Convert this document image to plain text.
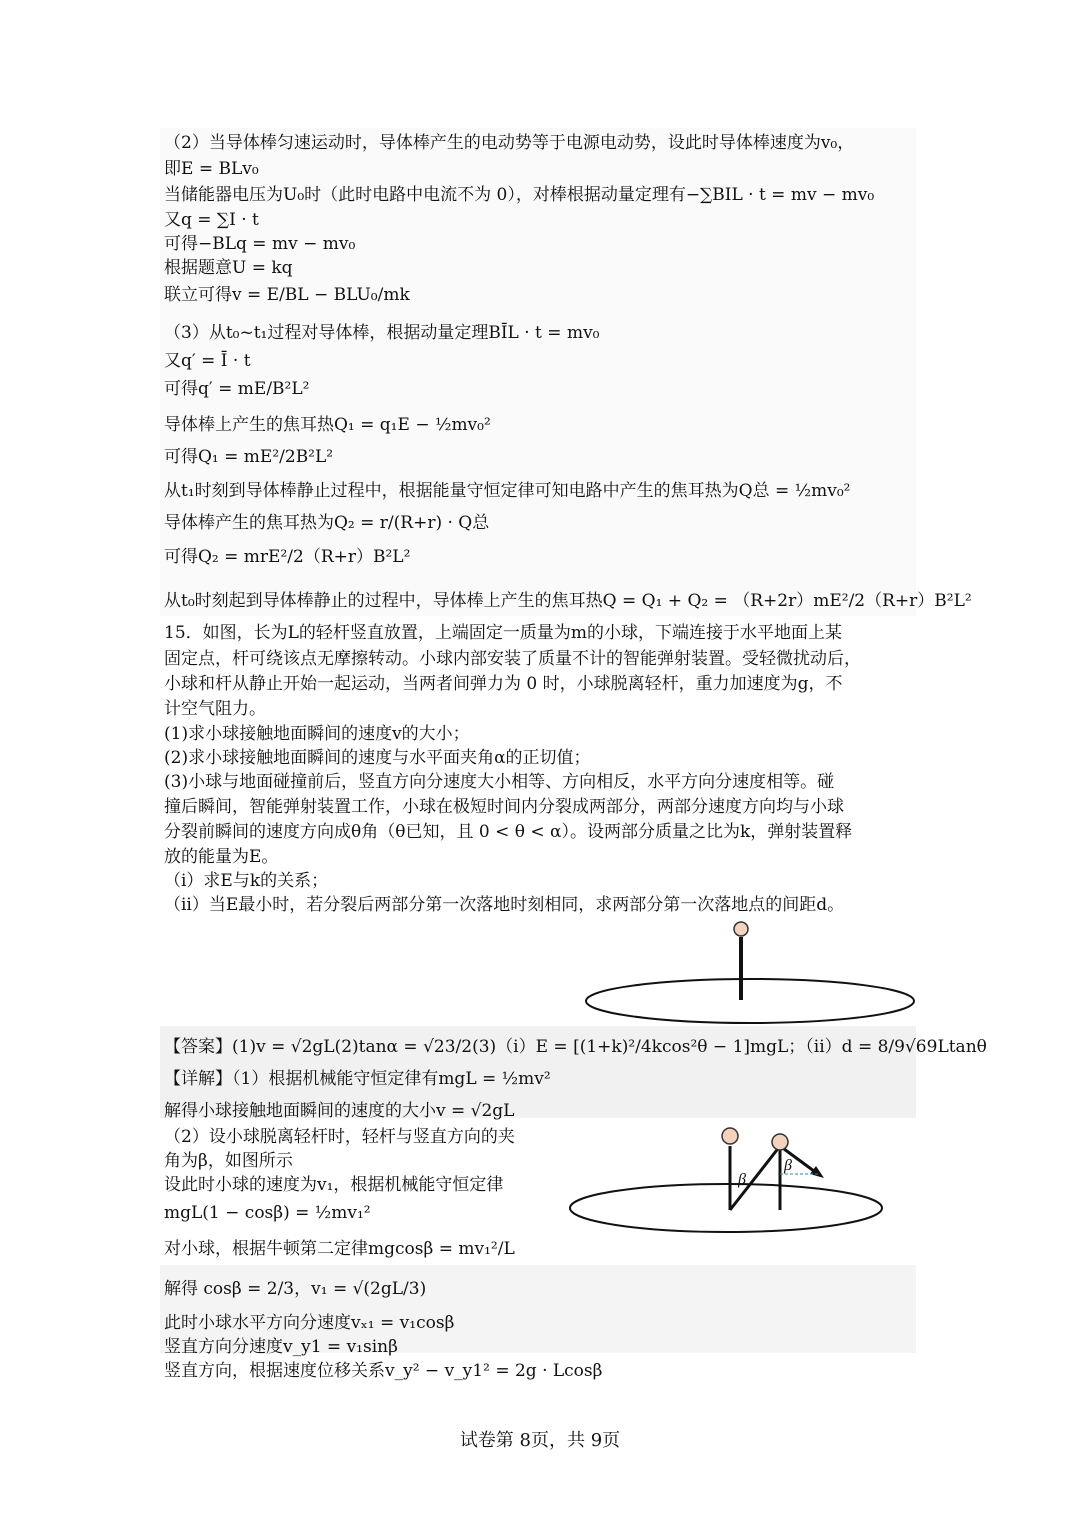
（2）当导体棒匀速运动时，导体棒产生的电动势等于电源电动势，设此时导体棒速度为v₀，
即E = BLv₀
当储能器电压为U₀时（此时电路中电流不为 0），对棒根据动量定理有−∑BIL · t = mv − mv₀
又q = ∑I · t
可得−BLq = mv − mv₀
根据题意U = kq
联立可得v = E/BL − BLU₀/mk
（3）从t₀~t₁过程对导体棒，根据动量定理BĪL · t = mv₀
又q′ = Ī · t
可得q′ = mE/B²L²
导体棒上产生的焦耳热Q₁ = q₁E − ½mv₀²
可得Q₁ = mE²/2B²L²
从t₁时刻到导体棒静止过程中，根据能量守恒定律可知电路中产生的焦耳热为Q总 = ½mv₀²
导体棒产生的焦耳热为Q₂ = r/(R+r) · Q总
可得Q₂ = mrE²/2（R+r）B²L²
从t₀时刻起到导体棒静止的过程中，导体棒上产生的焦耳热Q = Q₁ + Q₂ = （R+2r）mE²/2（R+r）B²L²
15．如图，长为L的轻杆竖直放置，上端固定一质量为m的小球，下端连接于水平地面上某
固定点，杆可绕该点无摩擦转动。小球内部安装了质量不计的智能弹射装置。受轻微扰动后，
小球和杆从静止开始一起运动，当两者间弹力为 0 时，小球脱离轻杆，重力加速度为g，不
计空气阻力。
(1)求小球接触地面瞬间的速度v的大小；
(2)求小球接触地面瞬间的速度与水平面夹角α的正切值；
(3)小球与地面碰撞前后，竖直方向分速度大小相等、方向相反，水平方向分速度相等。碰
撞后瞬间，智能弹射装置工作，小球在极短时间内分裂成两部分，两部分速度方向均与小球
分裂前瞬间的速度方向成θ角（θ已知，且 0 < θ < α）。设两部分质量之比为k，弹射装置释
放的能量为E。
（i）求E与k的关系；
（ii）当E最小时，若分裂后两部分第一次落地时刻相同，求两部分第一次落地点的间距d。
【答案】(1)v = √2gL(2)tanα = √23/2(3)（i）E = [(1+k)²/4kcos²θ − 1]mgL；（ii）d = 8/9√69Ltanθ
【详解】（1）根据机械能守恒定律有mgL = ½mv²
解得小球接触地面瞬间的速度的大小v = √2gL
（2）设小球脱离轻杆时，轻杆与竖直方向的夹
角为β，如图所示
设此时小球的速度为v₁，根据机械能守恒定律
mgL(1 − cosβ) = ½mv₁²
对小球，根据牛顿第二定律mgcosβ = mv₁²/L
解得 cosβ = 2/3，v₁ = √(2gL/3)
此时小球水平方向分速度vₓ₁ = v₁cosβ
竖直方向分速度v_y1 = v₁sinβ
竖直方向，根据速度位移关系v_y² − v_y1² = 2g · Lcosβ
β
β
试卷第 8页，共 9页
